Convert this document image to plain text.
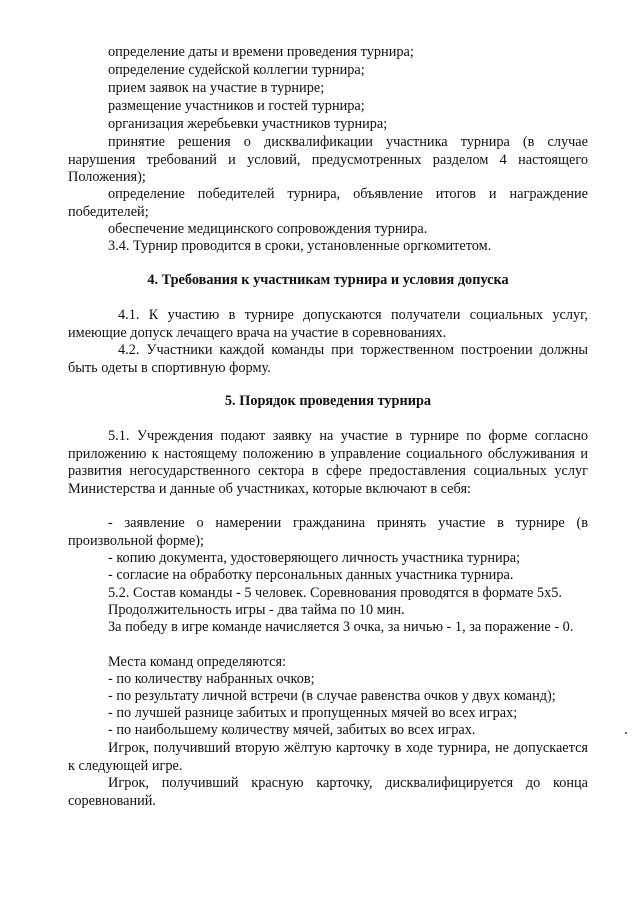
определение даты и времени проведения турнира;

определение судейской коллегии турнира;

прием заявок на участие в турнире;

размещение участников и гостей турнира;

организация жеребьевки участников турнира;

принятие решения о дисквалификации участника турнира (в случае нарушения требований и условий, предусмотренных разделом 4 настоящего Положения);

определение победителей турнира, объявление итогов и награждение победителей;

обеспечение медицинского сопровождения турнира.

3.4. Турнир проводится в сроки, установленные оргкомитетом.

4. Требования к участникам турнира и условия допуска

4.1. К участию в турнире допускаются получатели социальных услуг, имеющие допуск лечащего врача на участие в соревнованиях.

4.2. Участники каждой команды при торжественном построении должны быть одеты в спортивную форму.

5. Порядок проведения турнира

5.1. Учреждения подают заявку на участие в турнире по форме согласно приложению к настоящему положению в управление социального обслуживания и развития негосударственного сектора в сфере предоставления социальных услуг Министерства и данные об участниках, которые включают в себя:

- заявление о намерении гражданина принять участие в турнире (в произвольной форме);

- копию документа, удостоверяющего личность участника турнира;

- согласие на обработку персональных данных участника турнира.

5.2. Состав команды - 5 человек. Соревнования проводятся в формате 5х5.

Продолжительность игры - два тайма по 10 мин.

За победу в игре команде начисляется 3 очка, за ничью - 1, за поражение - 0.

Места команд определяются:

- по количеству набранных очков;

- по результату личной встречи (в случае равенства очков у двух команд);

- по лучшей разнице забитых и пропущенных мячей во всех играх;

- по наибольшему количеству мячей, забитых во всех играх.

Игрок, получивший вторую жёлтую карточку в ходе турнира, не допускается к следующей игре.

Игрок, получивший красную карточку, дисквалифицируется до конца соревнований.
